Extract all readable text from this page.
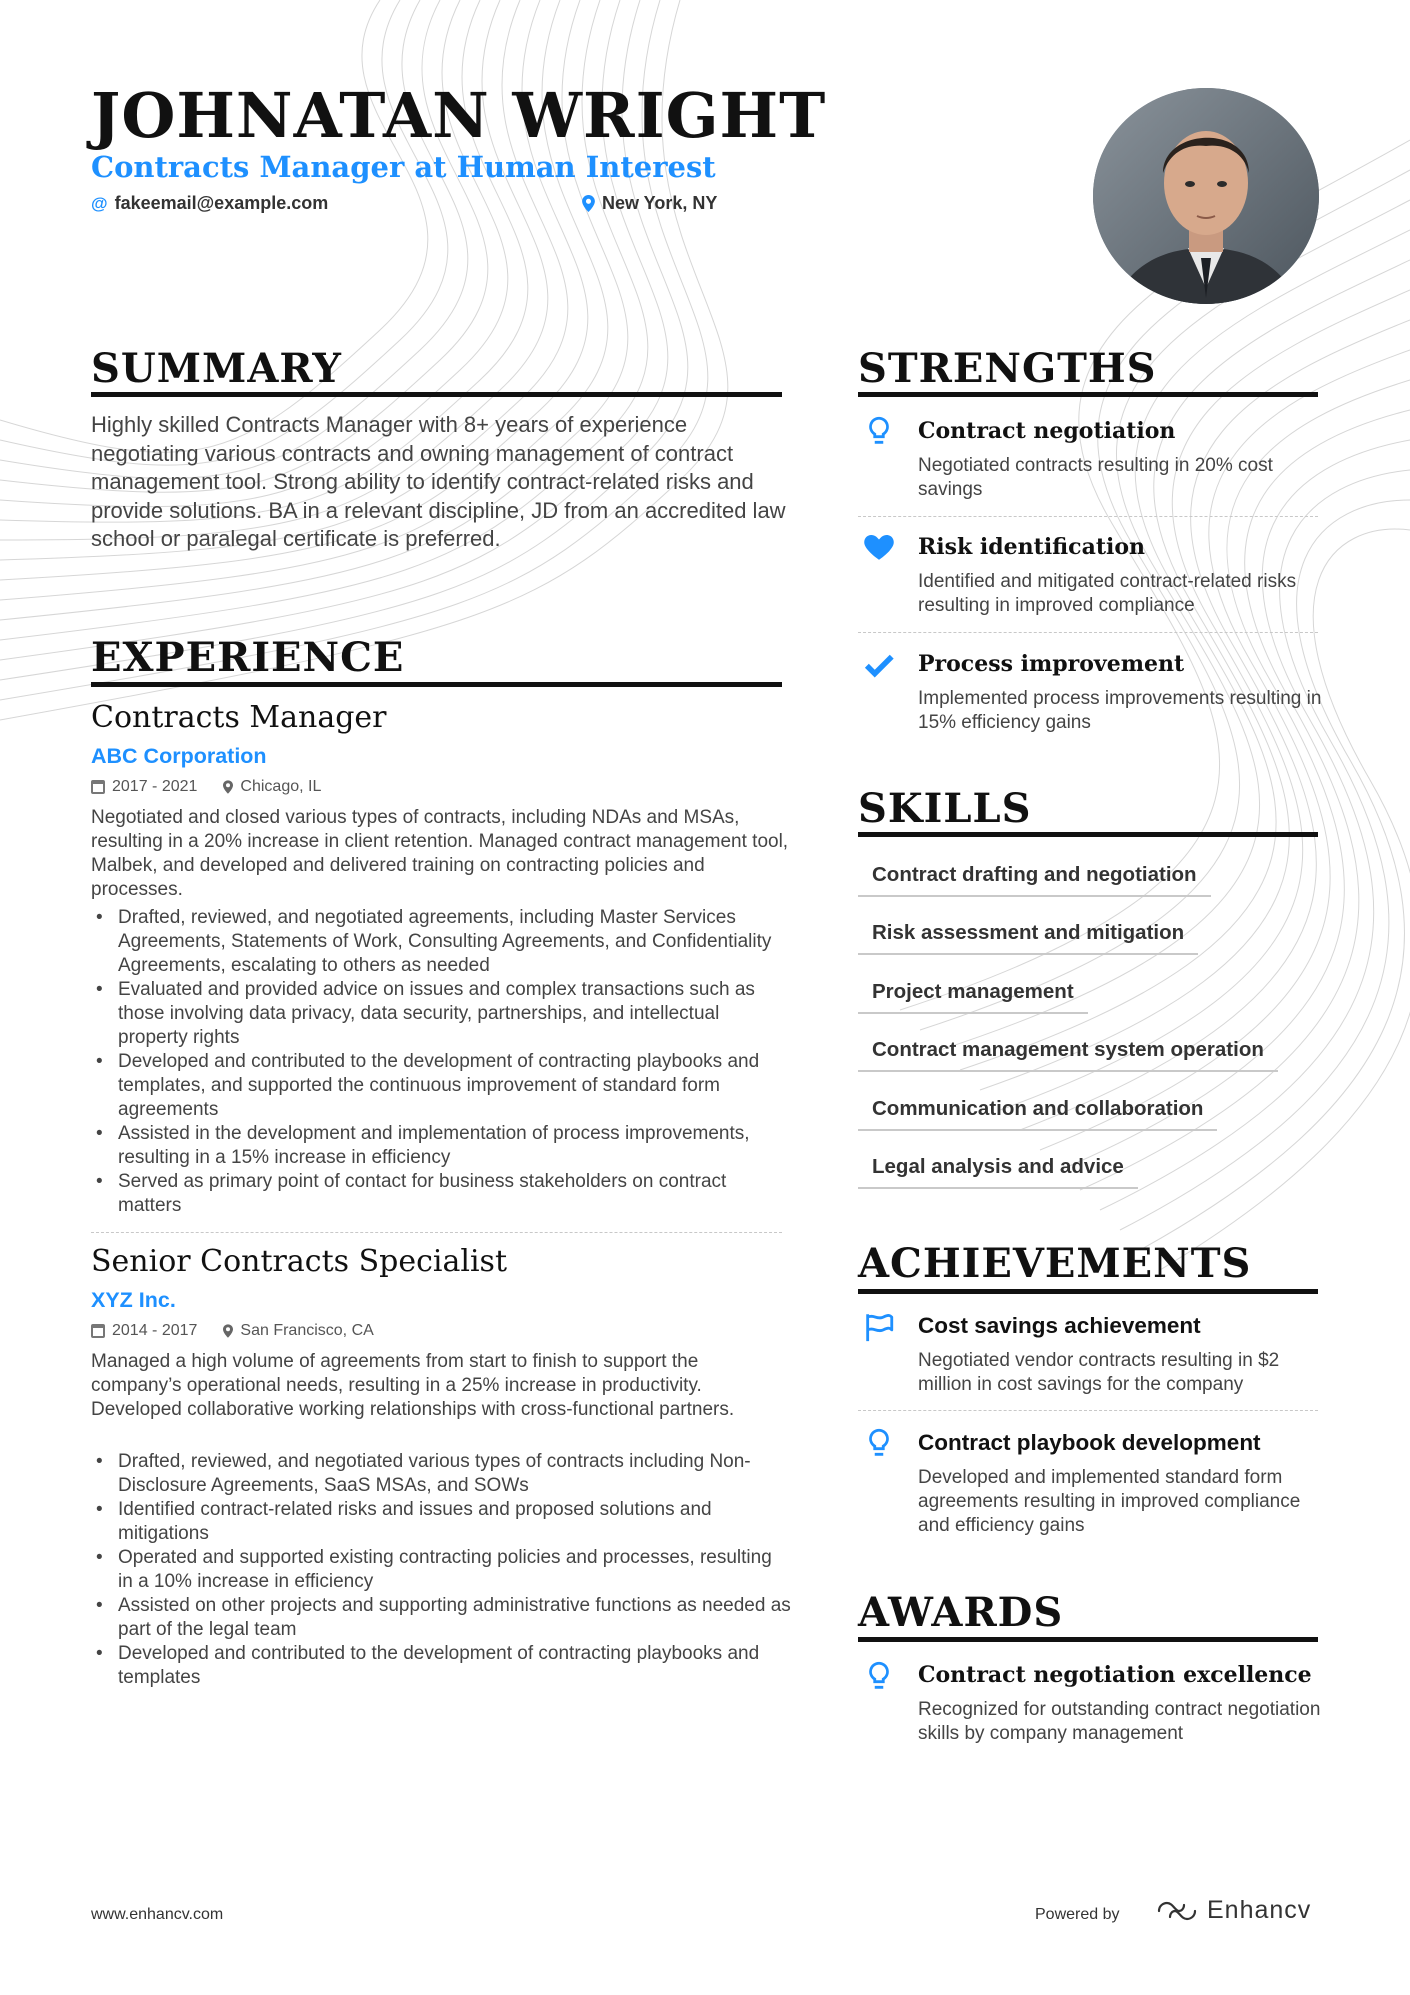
JOHNATAN WRIGHT
Contracts Manager at Human Interest
@ fakeemail@example.com	New York, NY
SUMMARY
Highly skilled Contracts Manager with 8+ years of experience negotiating various contracts and owning management of contract management tool. Strong ability to identify contract-related risks and provide solutions. BA in a relevant discipline, JD from an accredited law school or paralegal certificate is preferred.
EXPERIENCE
Contracts Manager
ABC Corporation
2017 - 2021	Chicago, IL
Negotiated and closed various types of contracts, including NDAs and MSAs, resulting in a 20% increase in client retention. Managed contract management tool, Malbek, and developed and delivered training on contracting policies and processes.
• Drafted, reviewed, and negotiated agreements, including Master Services Agreements, Statements of Work, Consulting Agreements, and Confidentiality Agreements, escalating to others as needed
• Evaluated and provided advice on issues and complex transactions such as those involving data privacy, data security, partnerships, and intellectual property rights
• Developed and contributed to the development of contracting playbooks and templates, and supported the continuous improvement of standard form agreements
• Assisted in the development and implementation of process improvements, resulting in a 15% increase in efficiency
• Served as primary point of contact for business stakeholders on contract matters
Senior Contracts Specialist
XYZ Inc.
2014 - 2017	San Francisco, CA
Managed a high volume of agreements from start to finish to support the company’s operational needs, resulting in a 25% increase in productivity. Developed collaborative working relationships with cross-functional partners.
• Drafted, reviewed, and negotiated various types of contracts including Non-Disclosure Agreements, SaaS MSAs, and SOWs
• Identified contract-related risks and issues and proposed solutions and mitigations
• Operated and supported existing contracting policies and processes, resulting in a 10% increase in efficiency
• Assisted on other projects and supporting administrative functions as needed as part of the legal team
• Developed and contributed to the development of contracting playbooks and templates
STRENGTHS
Contract negotiation
Negotiated contracts resulting in 20% cost savings
Risk identification
Identified and mitigated contract-related risks resulting in improved compliance
Process improvement
Implemented process improvements resulting in 15% efficiency gains
SKILLS
Contract drafting and negotiation
Risk assessment and mitigation
Project management
Contract management system operation
Communication and collaboration
Legal analysis and advice
ACHIEVEMENTS
Cost savings achievement
Negotiated vendor contracts resulting in $2 million in cost savings for the company
Contract playbook development
Developed and implemented standard form agreements resulting in improved compliance and efficiency gains
AWARDS
Contract negotiation excellence
Recognized for outstanding contract negotiation skills by company management
www.enhancv.com	Powered by	Enhancv
